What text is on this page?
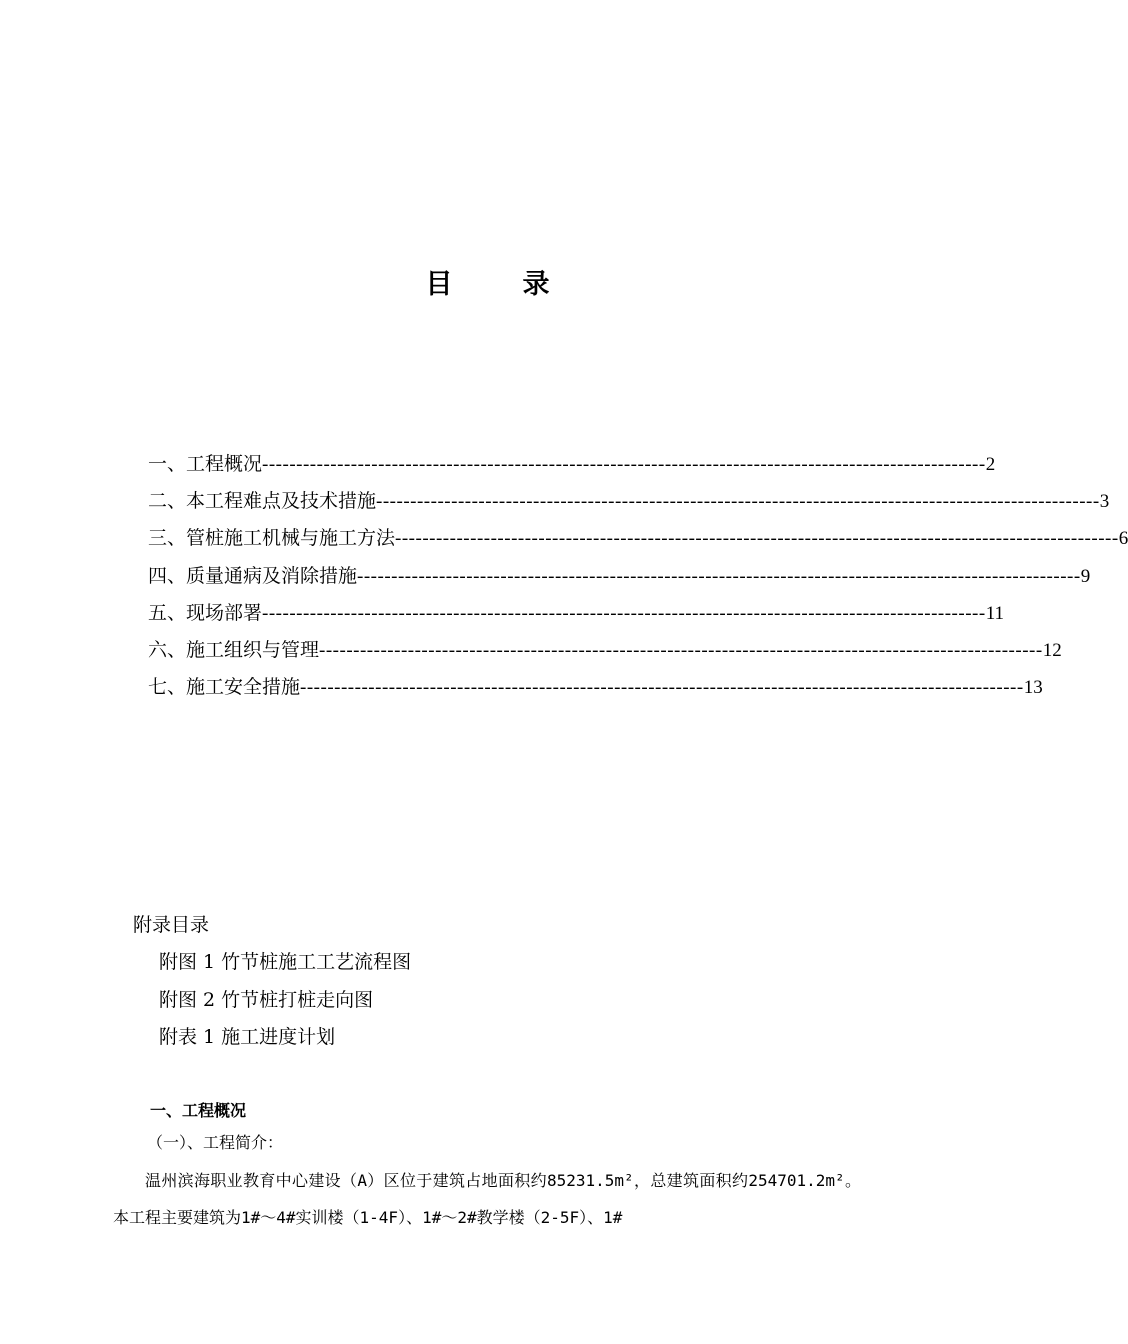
目	录
一、工程概况 ---------------------------------------------------------------------------------------------------------- 2
二、本工程难点及技术措施 ---------------------------------------------------------------------------------------------------------- 3
三、管桩施工机械与施工方法 ---------------------------------------------------------------------------------------------------------- 6
四、质量通病及消除措施 ---------------------------------------------------------------------------------------------------------- 9
五、现场部署 ---------------------------------------------------------------------------------------------------------- 11
六、施工组织与管理 ---------------------------------------------------------------------------------------------------------- 12
七、施工安全措施 ---------------------------------------------------------------------------------------------------------- 13
附录目录
附图 1 竹节桩施工工艺流程图
附图 2 竹节桩打桩走向图
附表 1 施工进度计划
一、工程概况
（一）、工程简介：
温州滨海职业教育中心建设（A）区位于建筑占地面积约85231.5m²，总建筑面积约254701.2m²。本工程主要建筑为1#～4#实训楼（1-4F）、1#～2#教学楼（2-5F）、1#
